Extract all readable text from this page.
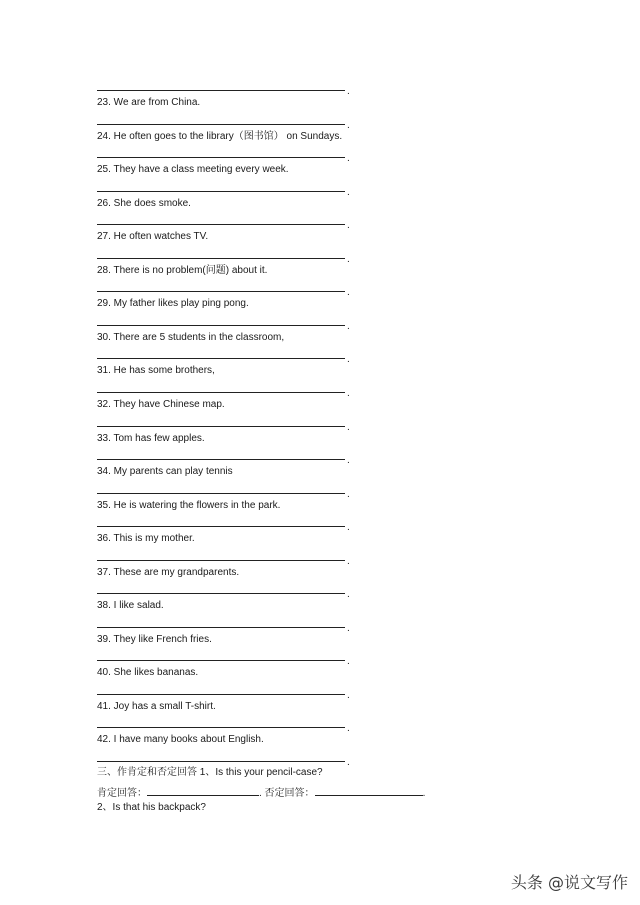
.
23. We are from China.
.
24. He often goes to the library（图书馆） on Sundays.
.
25. They have a class meeting every week.
.
26. She does smoke.
.
27. He often watches TV.
.
28. There is no problem(问题) about it.
.
29. My father likes play ping pong.
.
30. There are 5 students in the classroom,
.
31. He has some brothers,
.
32. They have Chinese map.
.
33. Tom has few apples.
.
34. My parents can play tennis
.
35. He is watering the flowers in the park.
.
36. This is my mother.
.
37. These are my grandparents.
.
38. I like salad.
.
39. They like French fries.
.
40. She likes bananas.
.
41. Joy has a small T-shirt.
.
42. I have many books about English.
.
三、作肯定和否定回答 1、Is this your pencil-case?
肯定回答：	. 否定回答：	.
2、Is that his backpack?
头条 @说文写作
